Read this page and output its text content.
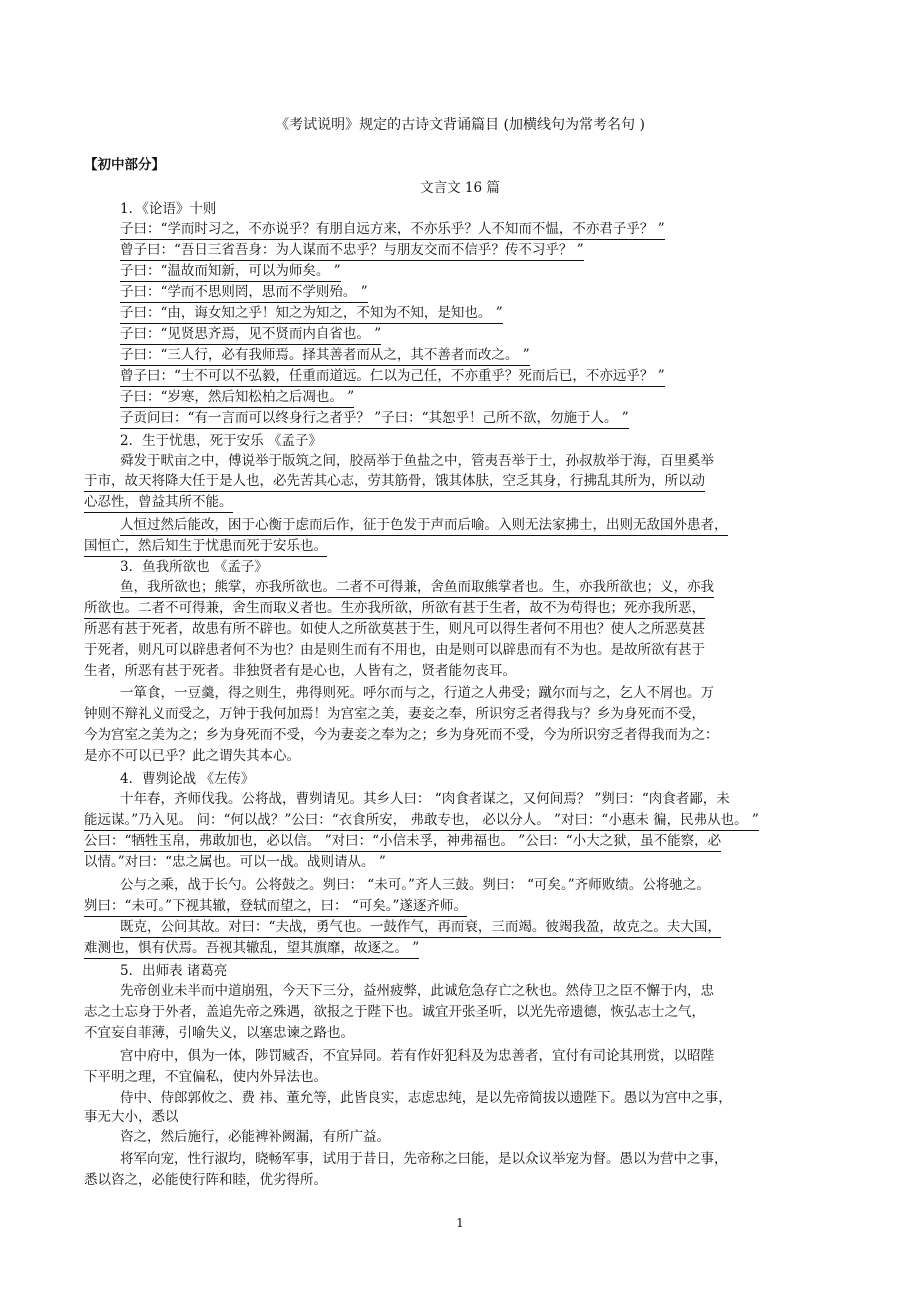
《考试说明》规定的古诗文背诵篇目 (加横线句为常考名句 )
【初中部分】
文言文 16 篇
1．《论语》十则
子曰：“学而时习之，不亦说乎？有朋自远方来，不亦乐乎？人不知而不愠，不亦君子乎？ ”
曾子曰：“吾日三省吾身：为人谋而不忠乎？与朋友交而不信乎？传不习乎？ ”
子曰：“温故而知新，可以为师矣。 ”
子曰：“学而不思则罔，思而不学则殆。 ”
子曰：“由，诲女知之乎！知之为知之，不知为不知，是知也。 ”
子曰：“见贤思齐焉，见不贤而内自省也。 ”
子曰：“三人行，必有我师焉。择其善者而从之，其不善者而改之。 ”
曾子曰：“士不可以不弘毅，任重而道远。仁以为己任，不亦重乎？死而后已，不亦远乎？ ”
子曰：“岁寒，然后知松柏之后凋也。 ”
子贡问曰：“有一言而可以终身行之者乎？ ”子曰：“其恕乎！己所不欲，勿施于人。 ”
2．生于忧患，死于安乐 《孟子》
舜发于畎亩之中，傅说举于版筑之间，胶鬲举于鱼盐之中，管夷吾举于士，孙叔敖举于海，百里奚举
于市，故天将降大任于是人也，必先苦其心志，劳其筋骨，饿其体肤，空乏其身，行拂乱其所为，所以动
心忍性，曾益其所不能。
人恒过然后能改，困于心衡于虑而后作，征于色发于声而后喻。入则无法家拂士，出则无敌国外患者，
国恒亡，然后知生于忧患而死于安乐也。
3．鱼我所欲也 《孟子》
鱼，我所欲也；熊掌，亦我所欲也。二者不可得兼，舍鱼而取熊掌者也。生，亦我所欲也；义，亦我
所欲也。二者不可得兼，舍生而取义者也。生亦我所欲，所欲有甚于生者，故不为苟得也；死亦我所恶，
所恶有甚于死者，故患有所不辟也。如使人之所欲莫甚于生，则凡可以得生者何不用也？使人之所恶莫甚
于死者，则凡可以辟患者何不为也？由是则生而有不用也，由是则可以辟患而有不为也。是故所欲有甚于
生者，所恶有甚于死者。非独贤者有是心也，人皆有之，贤者能勿丧耳。
一箪食，一豆羹，得之则生，弗得则死。呼尔而与之，行道之人弗受；蹴尔而与之，乞人不屑也。万
钟则不辩礼义而受之，万钟于我何加焉！为宫室之美，妻妾之奉，所识穷乏者得我与？乡为身死而不受，
今为宫室之美为之；乡为身死而不受，今为妻妾之奉为之；乡为身死而不受，今为所识穷乏者得我而为之：
是亦不可以已乎？此之谓失其本心。
4．曹刿论战 《左传》
十年春，齐师伐我。公将战，曹刿请见。其乡人曰： “肉食者谋之，又何间焉？ ”刿曰：“肉食者鄙，未
能远谋。”乃入见。 问：“何以战？”公曰：“衣食所安， 弗敢专也， 必以分人。 ”对曰：“小惠未 徧，民弗从也。 ”
公曰：“牺牲玉帛，弗敢加也，必以信。 ”对曰：“小信未孚，神弗福也。 ”公曰：“小大之狱，虽不能察，必
以情。”对曰：“忠之属也。可以一战。战则请从。 ”
公与之乘，战于长勺。公将鼓之。刿曰： “未可。”齐人三鼓。刿曰： “可矣。”齐师败绩。公将驰之。
刿曰：“未可。”下视其辙，登轼而望之，曰： “可矣。”遂逐齐师。
既克，公问其故。对曰：“夫战，勇气也。一鼓作气，再而衰，三而竭。彼竭我盈，故克之。夫大国，
难测也，惧有伏焉。吾视其辙乱，望其旗靡，故逐之。 ”
5．出师表 诸葛亮
先帝创业未半而中道崩殂，今天下三分，益州疲弊，此诚危急存亡之秋也。然侍卫之臣不懈于内，忠
志之士忘身于外者，盖追先帝之殊遇，欲报之于陛下也。诚宜开张圣听，以光先帝遗德，恢弘志士之气，
不宜妄自菲薄，引喻失义，以塞忠谏之路也。
宫中府中，俱为一体，陟罚臧否，不宜异同。若有作奸犯科及为忠善者，宜付有司论其刑赏，以昭陛
下平明之理，不宜偏私，使内外异法也。
侍中、侍郎郭攸之、费 祎、董允等，此皆良实，志虑忠纯，是以先帝简拔以遗陛下。愚以为宫中之事，
事无大小，悉以
咨之，然后施行，必能裨补阙漏，有所广益。
将军向宠，性行淑均，晓畅军事，试用于昔日，先帝称之曰能，是以众议举宠为督。愚以为营中之事，
悉以咨之，必能使行阵和睦，优劣得所。
1
